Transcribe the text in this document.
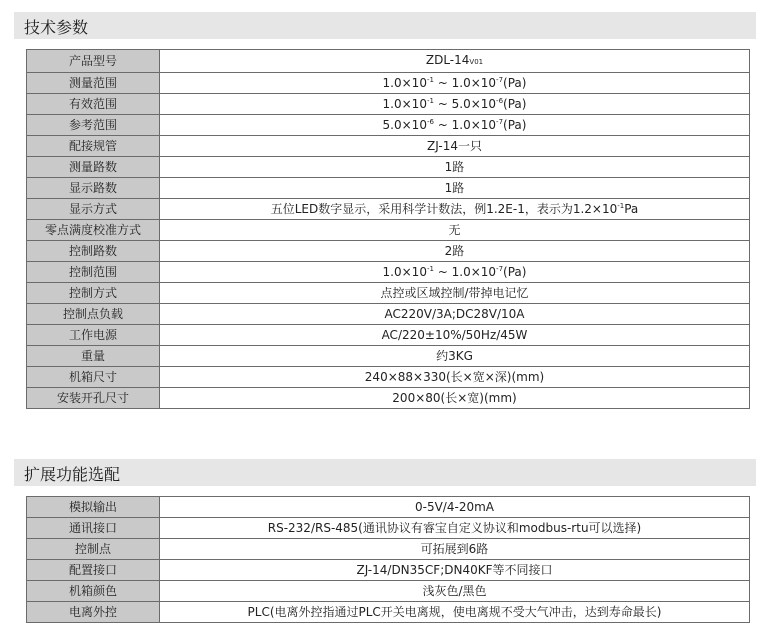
技术参数
产品型号	ZDL-14V01
测量范围	$1.0\times 10^{-1}$ ~ $1.0\times 10^{-7}(Pa)$
有效范围	$1.0\times 10^{-1}$ ~ $5.0\times 10^{-6}(Pa)$
参考范围	$5.0\times 10^{-6}$ ~ $1.0\times 10^{-7}(Pa)$
配接规管	ZJ-14一只
测量路数	1路
显示路数	1路
显示方式	五位LED数字显示，采用科学计数法，例1.2E-1，表示为$1.2\times 10^{-1}Pa$
零点满度校准方式	无
控制路数	2路
控制范围	$1.0\times 10^{-1}$ ~ $1.0\times 10^{-7}(Pa)$
控制方式	点控或区域控制/带掉电记忆
控制点负载	AC220V/3A;DC28V/10A
工作电源	AC/220±10%/50Hz/45W
重量	约3KG
机箱尺寸	240×88×330(长×宽×深)(mm)
安装开孔尺寸	200×80(长×宽)(mm)
扩展功能选配
模拟输出	0-5V/4-20mA
通讯接口	RS-232/RS-485(通讯协议有睿宝自定义协议和modbus-rtu可以选择)
控制点	可拓展到6路
配置接口	ZJ-14/DN35CF;DN40KF等不同接口
机箱颜色	浅灰色/黑色
电离外控	PLC(电离外控指通过PLC开关电离规，使电离规不受大气冲击，达到寿命最长)
